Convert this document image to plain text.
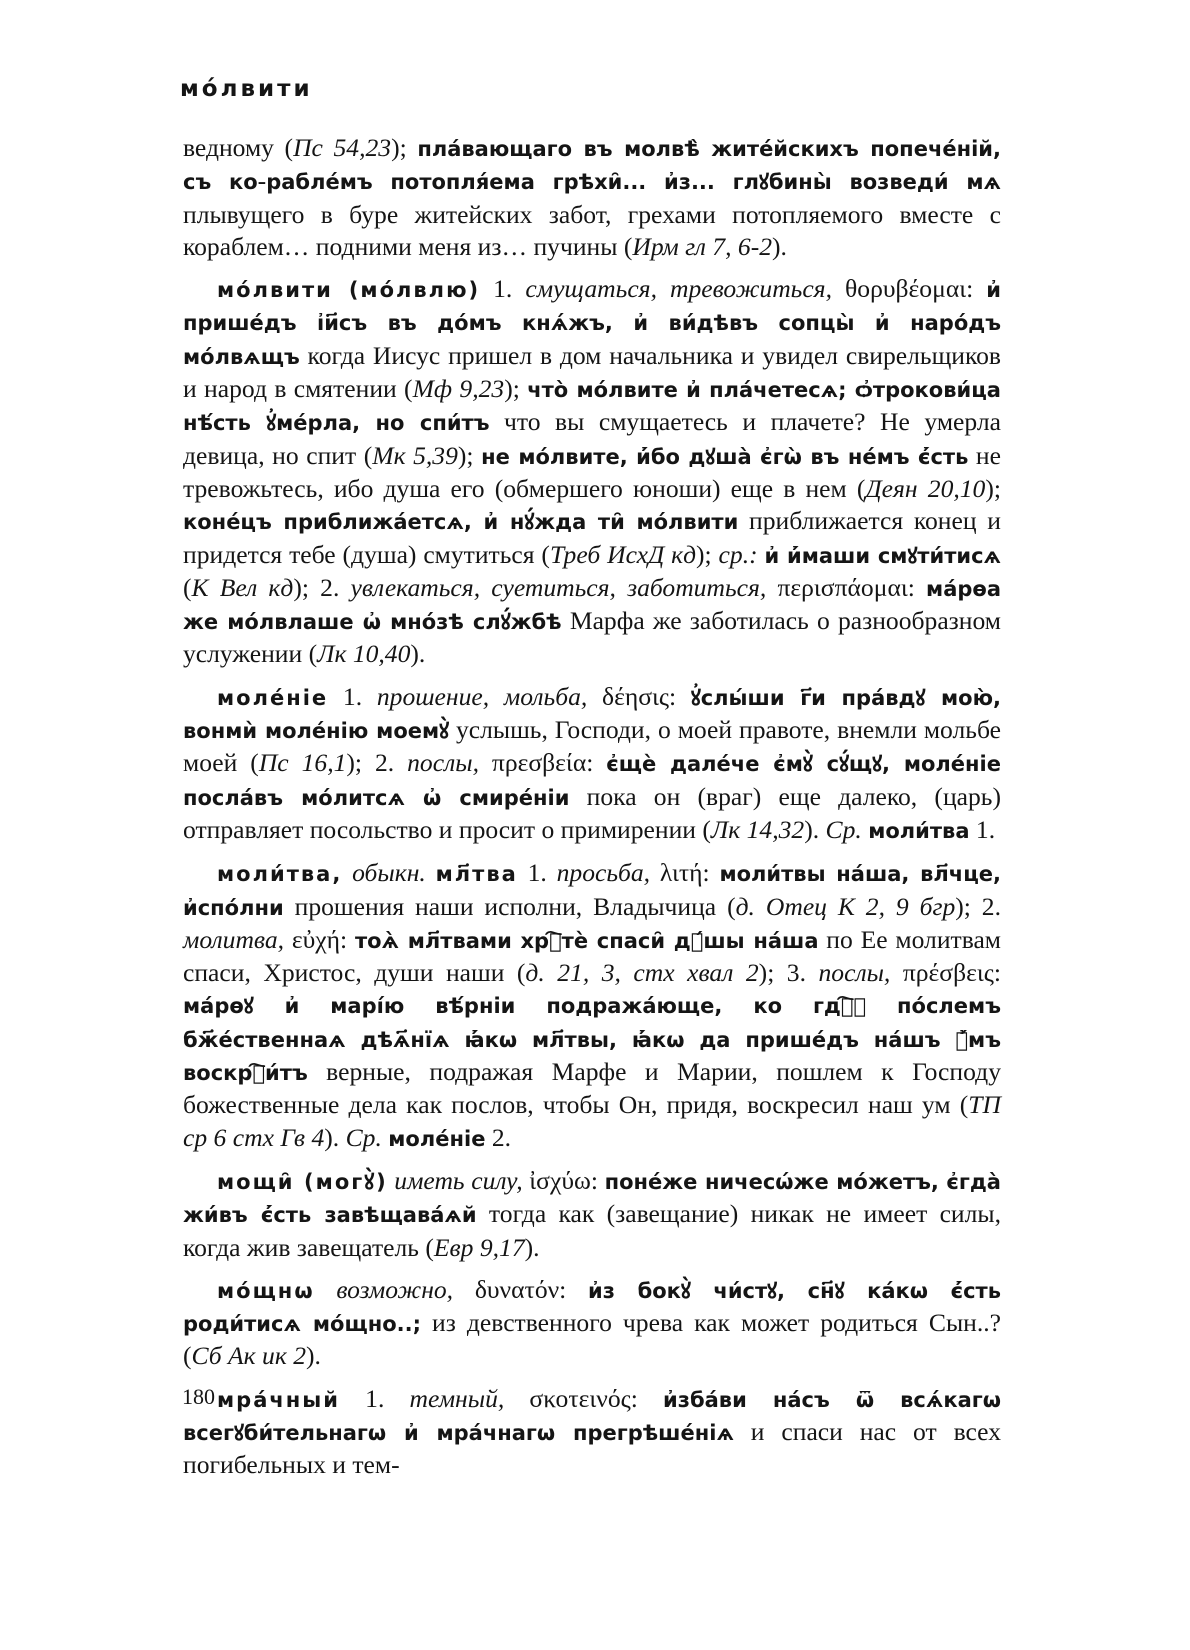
мо́лвити

ведному (Пс 54,23); пла́вающаго въ молвѣ̀ жите́йскихъ попече́нiй, съ ко-рабле́мъ потопля́ема грѣхи̑... и҆з... глꙋбины̀ возведи́ мѧ плывущего в буре житейских забот, грехами потопляемого вместе с кораблем… подними меня из… пучины (Ирм гл 7, 6-2).

мо́лвити (мо́лвлю) 1. смущаться, тревожиться, θορυβέομαι: и҆ прише́дъ і҆и҃съ въ до́мъ кнѧ́жъ, и҆ ви́дѣвъ сопцы̀ и҆ наро́дъ мо́лвѧщъ когда Иисус пришел в дом начальника и увидел свирельщиков и народ в смятении (Мф 9,23); что̀ мо́лвите и҆ пла́четесѧ; ѻ҆трокови́ца нѣ́сть ꙋ҆ме́рла, но спи́тъ что вы смущаетесь и плачете? Не умерла девица, но спит (Мк 5,39); не мо́лвите, и҆́бо дꙋша̀ є҆гѡ̀ въ не́мъ є҆́сть не тревожьтесь, ибо душа его (обмершего юноши) еще в нем (Деян 20,10); коне́цъ приближа́етсѧ, и҆ нꙋ́жда ти̑ мо́лвити приближается конец и придется тебе (душа) смутиться (Треб ИсхД кд); ср.: и҆ и҆́маши смꙋти́тисѧ (К Вел кд); 2. увлекаться, суетиться, заботиться, περισπάομαι: ма́рѳа же мо́лвлаше ѡ҆ мно́зѣ слꙋ́жбѣ Марфа же заботилась о разнообразном услужении (Лк 10,40).

моле́нiе 1. прошение, мольба, δέησις: ꙋ҆слы́ши г҃и пра́вдꙋ мою̀, вонмѝ моле́нiю моемꙋ̀ услышь, Господи, о моей правоте, внемли мольбе моей (Пс 16,1); 2. послы, πρεσβεία: є҆щѐ дале́че є҆мꙋ̀ сꙋ́щꙋ, моле́нiе посла́въ мо́литсѧ ѡ҆ смире́нiи пока он (враг) еще далеко, (царь) отправляет посольство и просит о примирении (Лк 14,32). Ср. моли́тва 1.

моли́тва, обыкн. мл҃тва 1. просьба, λιτή: моли́твы на́ша, вл҃чце, и҆спо́лни прошения наши исполни, Владычица (д. Отец К 2, 9 бгр); 2. молитва, εὐχή: тоѧ̀ мл҃твами хрⷭ҇тѐ спаси̑ дꙋ́шы на́ша по Ее молитвам спаси, Христос, души наши (д. 21, 3, стх хвал 2); 3. послы, πρέσβεις: ма́рѳꙋ и҆ марі́ю вѣ́рнiи подража́юще, ко гдⷭ҇ꙋ по́слемъ бж҃е́ственнаѧ дѣѧ҃нїѧ ꙗ҆́кѡ мл҃твы, ꙗ҆́кѡ да прише́дъ на́шъ ꙋ҆́мъ воскрⷭ҇и́тъ верные, подражая Марфе и Марии, пошлем к Господу божественные дела как послов, чтобы Он, придя, воскресил наш ум (ТП ср 6 стх Гв 4). Ср. моле́нiе 2.

мощи̑ (могꙋ̀) иметь силу, ἰσχύω: поне́же ничесѡ́же мо́жетъ, є҆гда̀ жи́въ є҆́сть завѣщава́ѧй тогда как (завещание) никак не имеет силы, когда жив завещатель (Евр 9,17).

мо́щнѡ возможно, δυνατόν: и҆з бокꙋ̀ чи́стꙋ, сн҃ꙋ ка́кѡ є҆́сть роди́тисѧ мо́щно..; из девственного чрева как может родиться Сын..? (Сб Ак ик 2).

мра́чный 1. темный, σκοτεινός: и҆зба́ви на́съ ѿ всѧ́кагѡ всегꙋби́тельнагѡ и҆ мра́чнагѡ прегрѣше́нiѧ и спаси нас от всех погибельных и тем-

180
